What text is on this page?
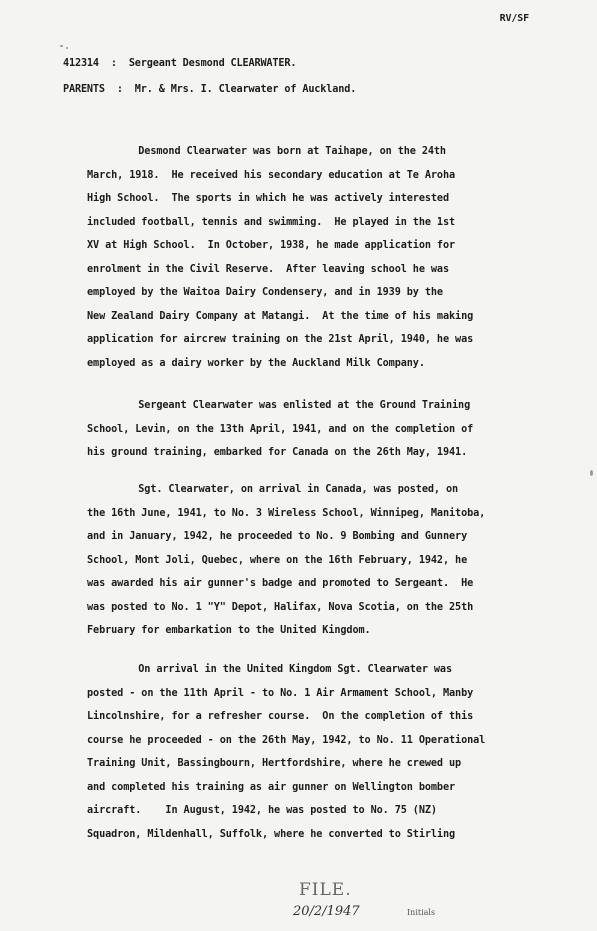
RV/SF
412314  :  Sergeant Desmond CLEARWATER.
PARENTS  :  Mr. & Mrs. I. Clearwater of Auckland.
Desmond Clearwater was born at Taihape, on the 24th
March, 1918.  He received his secondary education at Te Aroha
High School.  The sports in which he was actively interested
included football, tennis and swimming.  He played in the 1st
XV at High School.  In October, 1938, he made application for
enrolment in the Civil Reserve.  After leaving school he was
employed by the Waitoa Dairy Condensery, and in 1939 by the
New Zealand Dairy Company at Matangi.  At the time of his making
application for aircrew training on the 21st April, 1940, he was
employed as a dairy worker by the Auckland Milk Company.
Sergeant Clearwater was enlisted at the Ground Training
School, Levin, on the 13th April, 1941, and on the completion of
his ground training, embarked for Canada on the 26th May, 1941.
Sgt. Clearwater, on arrival in Canada, was posted, on
the 16th June, 1941, to No. 3 Wireless School, Winnipeg, Manitoba,
and in January, 1942, he proceeded to No. 9 Bombing and Gunnery
School, Mont Joli, Quebec, where on the 16th February, 1942, he
was awarded his air gunner's badge and promoted to Sergeant.  He
was posted to No. 1 "Y" Depot, Halifax, Nova Scotia, on the 25th
February for embarkation to the United Kingdom.
On arrival in the United Kingdom Sgt. Clearwater was
posted - on the 11th April - to No. 1 Air Armament School, Manby
Lincolnshire, for a refresher course.  On the completion of this
course he proceeded - on the 26th May, 1942, to No. 11 Operational
Training Unit, Bassingbourn, Hertfordshire, where he crewed up
and completed his training as air gunner on Wellington bomber
aircraft.    In August, 1942, he was posted to No. 75 (NZ)
Squadron, Mildenhall, Suffolk, where he converted to Stirling
FILE.
20/2/1947	Initials
